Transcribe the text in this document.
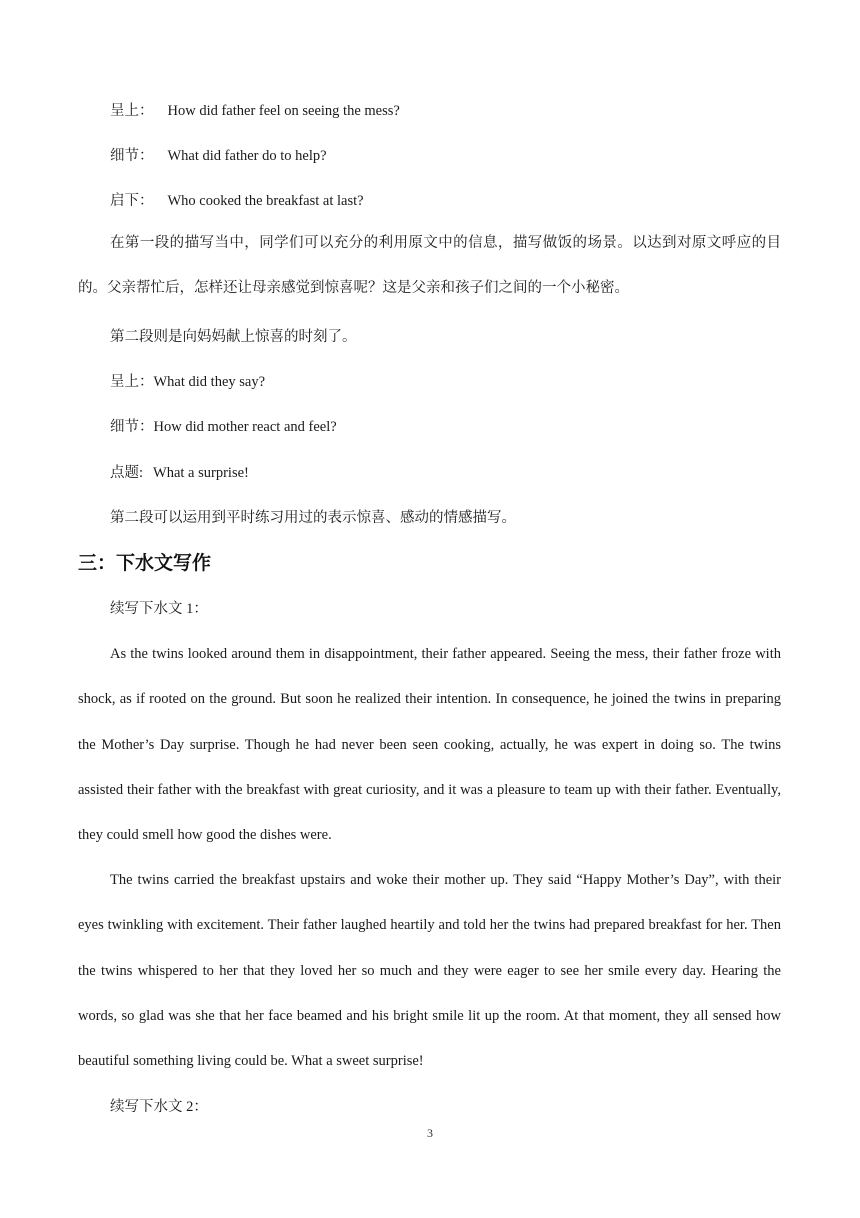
呈上： How did father feel on seeing the mess?
细节： What did father do to help?
启下： Who cooked the breakfast at last?

在第一段的描写当中，同学们可以充分的利用原文中的信息，描写做饭的场景。以达到对原文呼应的目的。父亲帮忙后，怎样还让母亲感觉到惊喜呢？这是父亲和孩子们之间的一个小秘密。

第二段则是向妈妈献上惊喜的时刻了。
呈上：What did they say?
细节：How did mother react and feel?
点题: What a surprise!
第二段可以运用到平时练习用过的表示惊喜、感动的情感描写。
三：下水文写作
续写下水文 1：

As the twins looked around them in disappointment, their father appeared. Seeing the mess, their father froze with shock, as if rooted on the ground. But soon he realized their intention. In consequence, he joined the twins in preparing the Mother’s Day surprise. Though he had never been seen cooking, actually, he was expert in doing so. The twins assisted their father with the breakfast with great curiosity, and it was a pleasure to team up with their father. Eventually, they could smell how good the dishes were.

The twins carried the breakfast upstairs and woke their mother up. They said “Happy Mother’s Day”, with their eyes twinkling with excitement. Their father laughed heartily and told her the twins had prepared breakfast for her. Then the twins whispered to her that they loved her so much and they were eager to see her smile every day. Hearing the words, so glad was she that her face beamed and his bright smile lit up the room. At that moment, they all sensed how beautiful something living could be. What a sweet surprise!

续写下水文 2：
3
